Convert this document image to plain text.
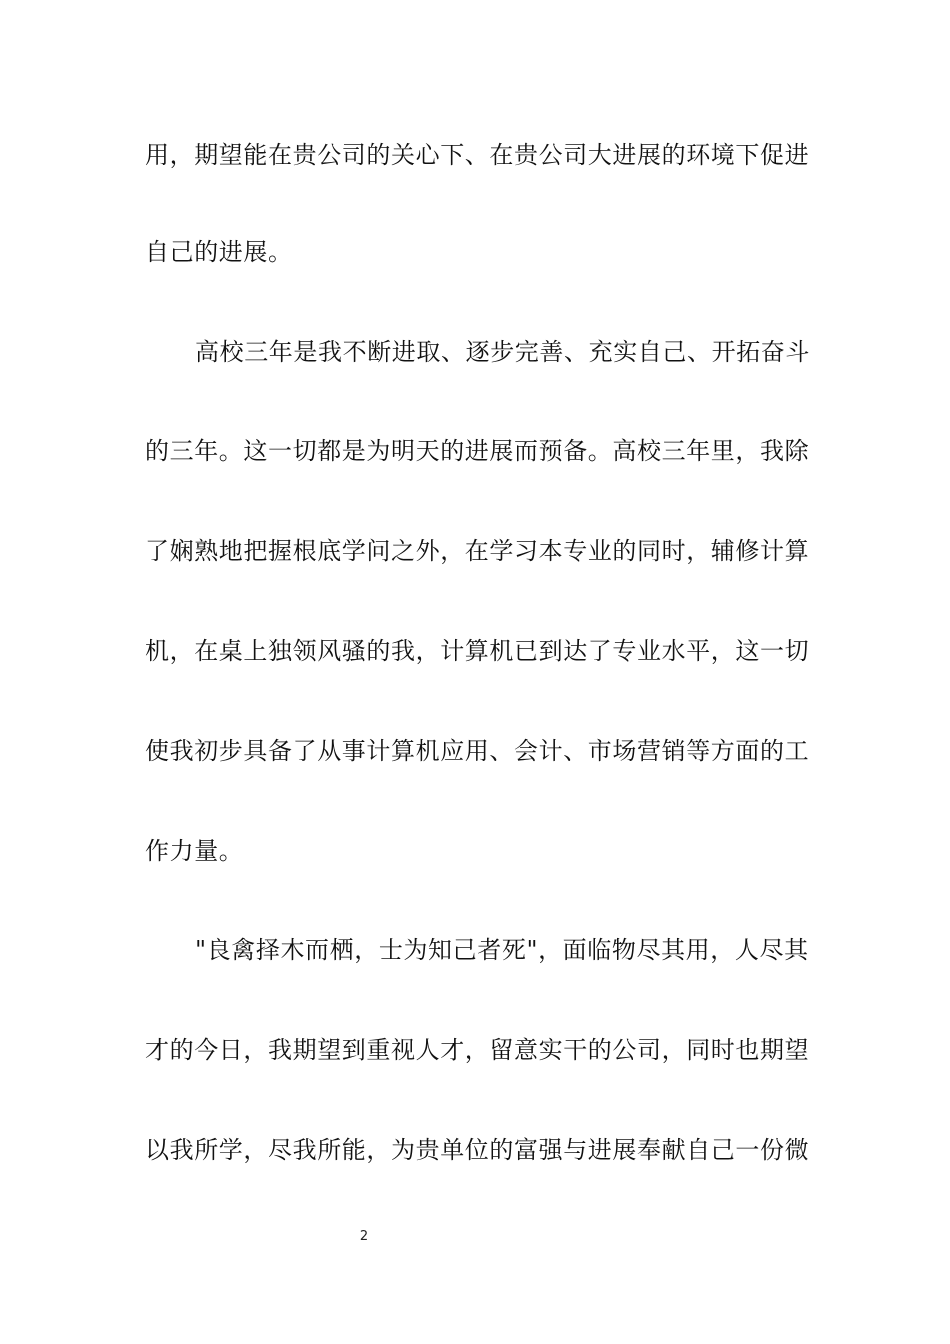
用，期望能在贵公司的关心下、在贵公司大进展的环境下促进
自己的进展。
高校三年是我不断进取、逐步完善、充实自己、开拓奋斗
的三年。这一切都是为明天的进展而预备。高校三年里，我除
了娴熟地把握根底学问之外，在学习本专业的同时，辅修计算
机，在桌上独领风骚的我，计算机已到达了专业水平，这一切
使我初步具备了从事计算机应用、会计、市场营销等方面的工
作力量。
"良禽择木而栖，士为知己者死"，面临物尽其用，人尽其
才的今日，我期望到重视人才，留意实干的公司，同时也期望
以我所学，尽我所能，为贵单位的富强与进展奉献自己一份微
2
